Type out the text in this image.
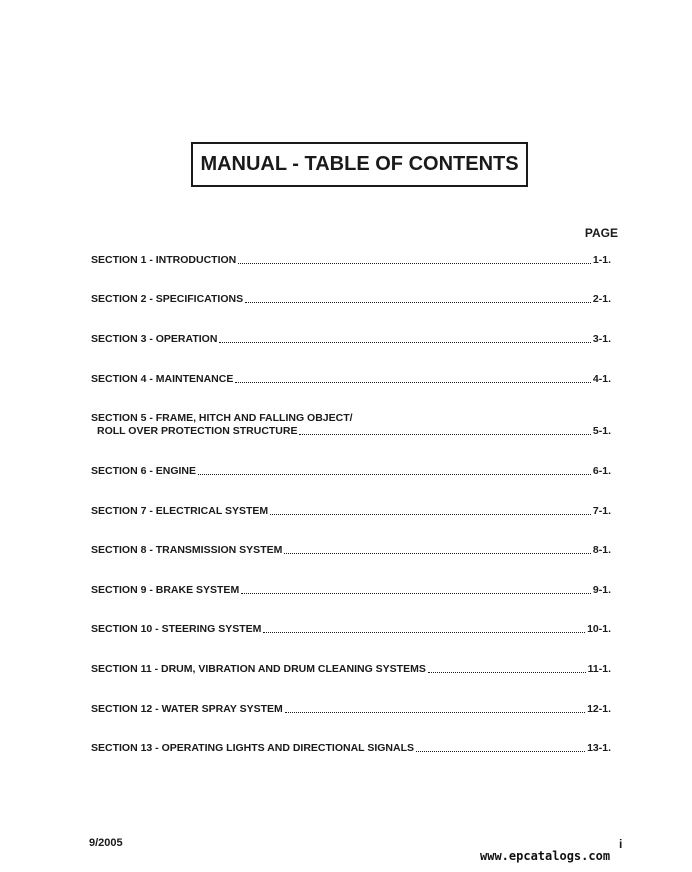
MANUAL - TABLE OF CONTENTS
PAGE
SECTION 1 - INTRODUCTION	1-1.
SECTION 2 - SPECIFICATIONS	2-1.
SECTION 3 - OPERATION	3-1.
SECTION 4 - MAINTENANCE	4-1.
SECTION 5 - FRAME, HITCH AND FALLING OBJECT/
ROLL OVER PROTECTION STRUCTURE	5-1.
SECTION 6 - ENGINE	6-1.
SECTION 7 - ELECTRICAL SYSTEM	7-1.
SECTION 8 - TRANSMISSION SYSTEM	8-1.
SECTION 9 - BRAKE SYSTEM	9-1.
SECTION 10 - STEERING SYSTEM	10-1.
SECTION 11 - DRUM, VIBRATION AND DRUM CLEANING SYSTEMS	11-1.
SECTION 12 - WATER SPRAY SYSTEM	12-1.
SECTION 13 - OPERATING LIGHTS AND DIRECTIONAL SIGNALS	13-1.
9/2005	i
www.epcatalogs.com
